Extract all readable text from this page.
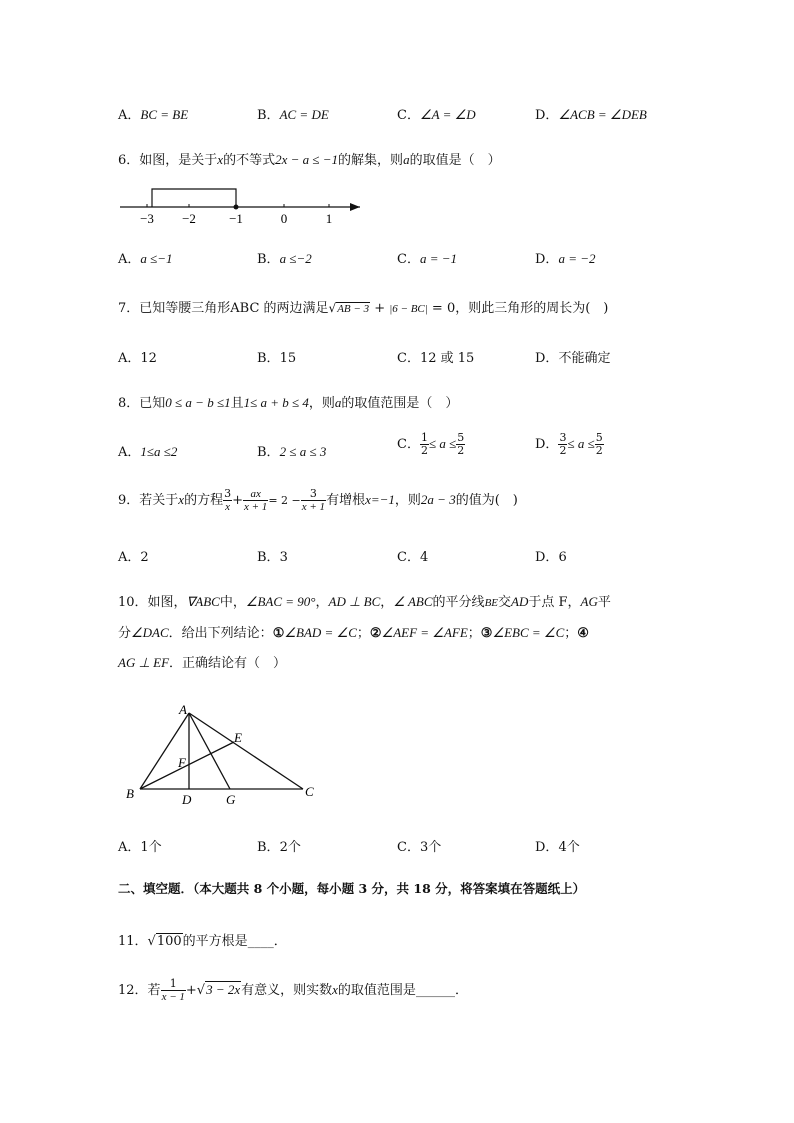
A．BC = BE	B．AC = DE	C．∠A = ∠D	D．∠ACB = ∠DEB
6．如图，是关于x的不等式2x − a ≤ −1的解集，则a的取值是（　）
−3 −2	−1	0	1
A．a ≤−1	B．a ≤−2	C．a = −1	D．a = −2
7．已知等腰三角形ABC 的两边满足√AB − 3 + |6 − BC| = 0，则此三角形的周长为(　)
A．12	B．15	C．12 或 15	D．不能确定
8．已知0 ≤ a − b ≤1且1≤ a + b ≤ 4，则a的取值范围是（　）
A．1≤a ≤2	B．2 ≤ a ≤ 3	C． $\frac{1}{2} \le a \le \frac{5}{2}$	D． $\frac{3}{2} \le a \le \frac{5}{2}$
9．若关于x的方程 $\frac{3}{x} + \frac{ax}{x + 1} = 2 - \frac{3}{x + 1}$ 有增根x=−1，则2a − 3的值为(　)
A．2	B．3	C．4	D．6
10．如图，∇ABC中，∠BAC = 90°，AD ⊥ BC，∠ ABC的平分线BE交AD于点 F，AG平
分∠DAC．给出下列结论：①∠BAD = ∠C；②∠AEF = ∠AFE；③∠EBC = ∠C；④
AG ⊥ EF．正确结论有（　）
A
B	C
D
E
F
G
A．1个	B．2个	C．3个	D．4个
二、填空题．（本大题共 8 个小题，每小题 3 分，共 18 分，将答案填在答题纸上）
11．√100的平方根是____．
12．若 $\frac{1}{x - 1} +√3 - 2x$有意义，则实数x的取值范围是______．
